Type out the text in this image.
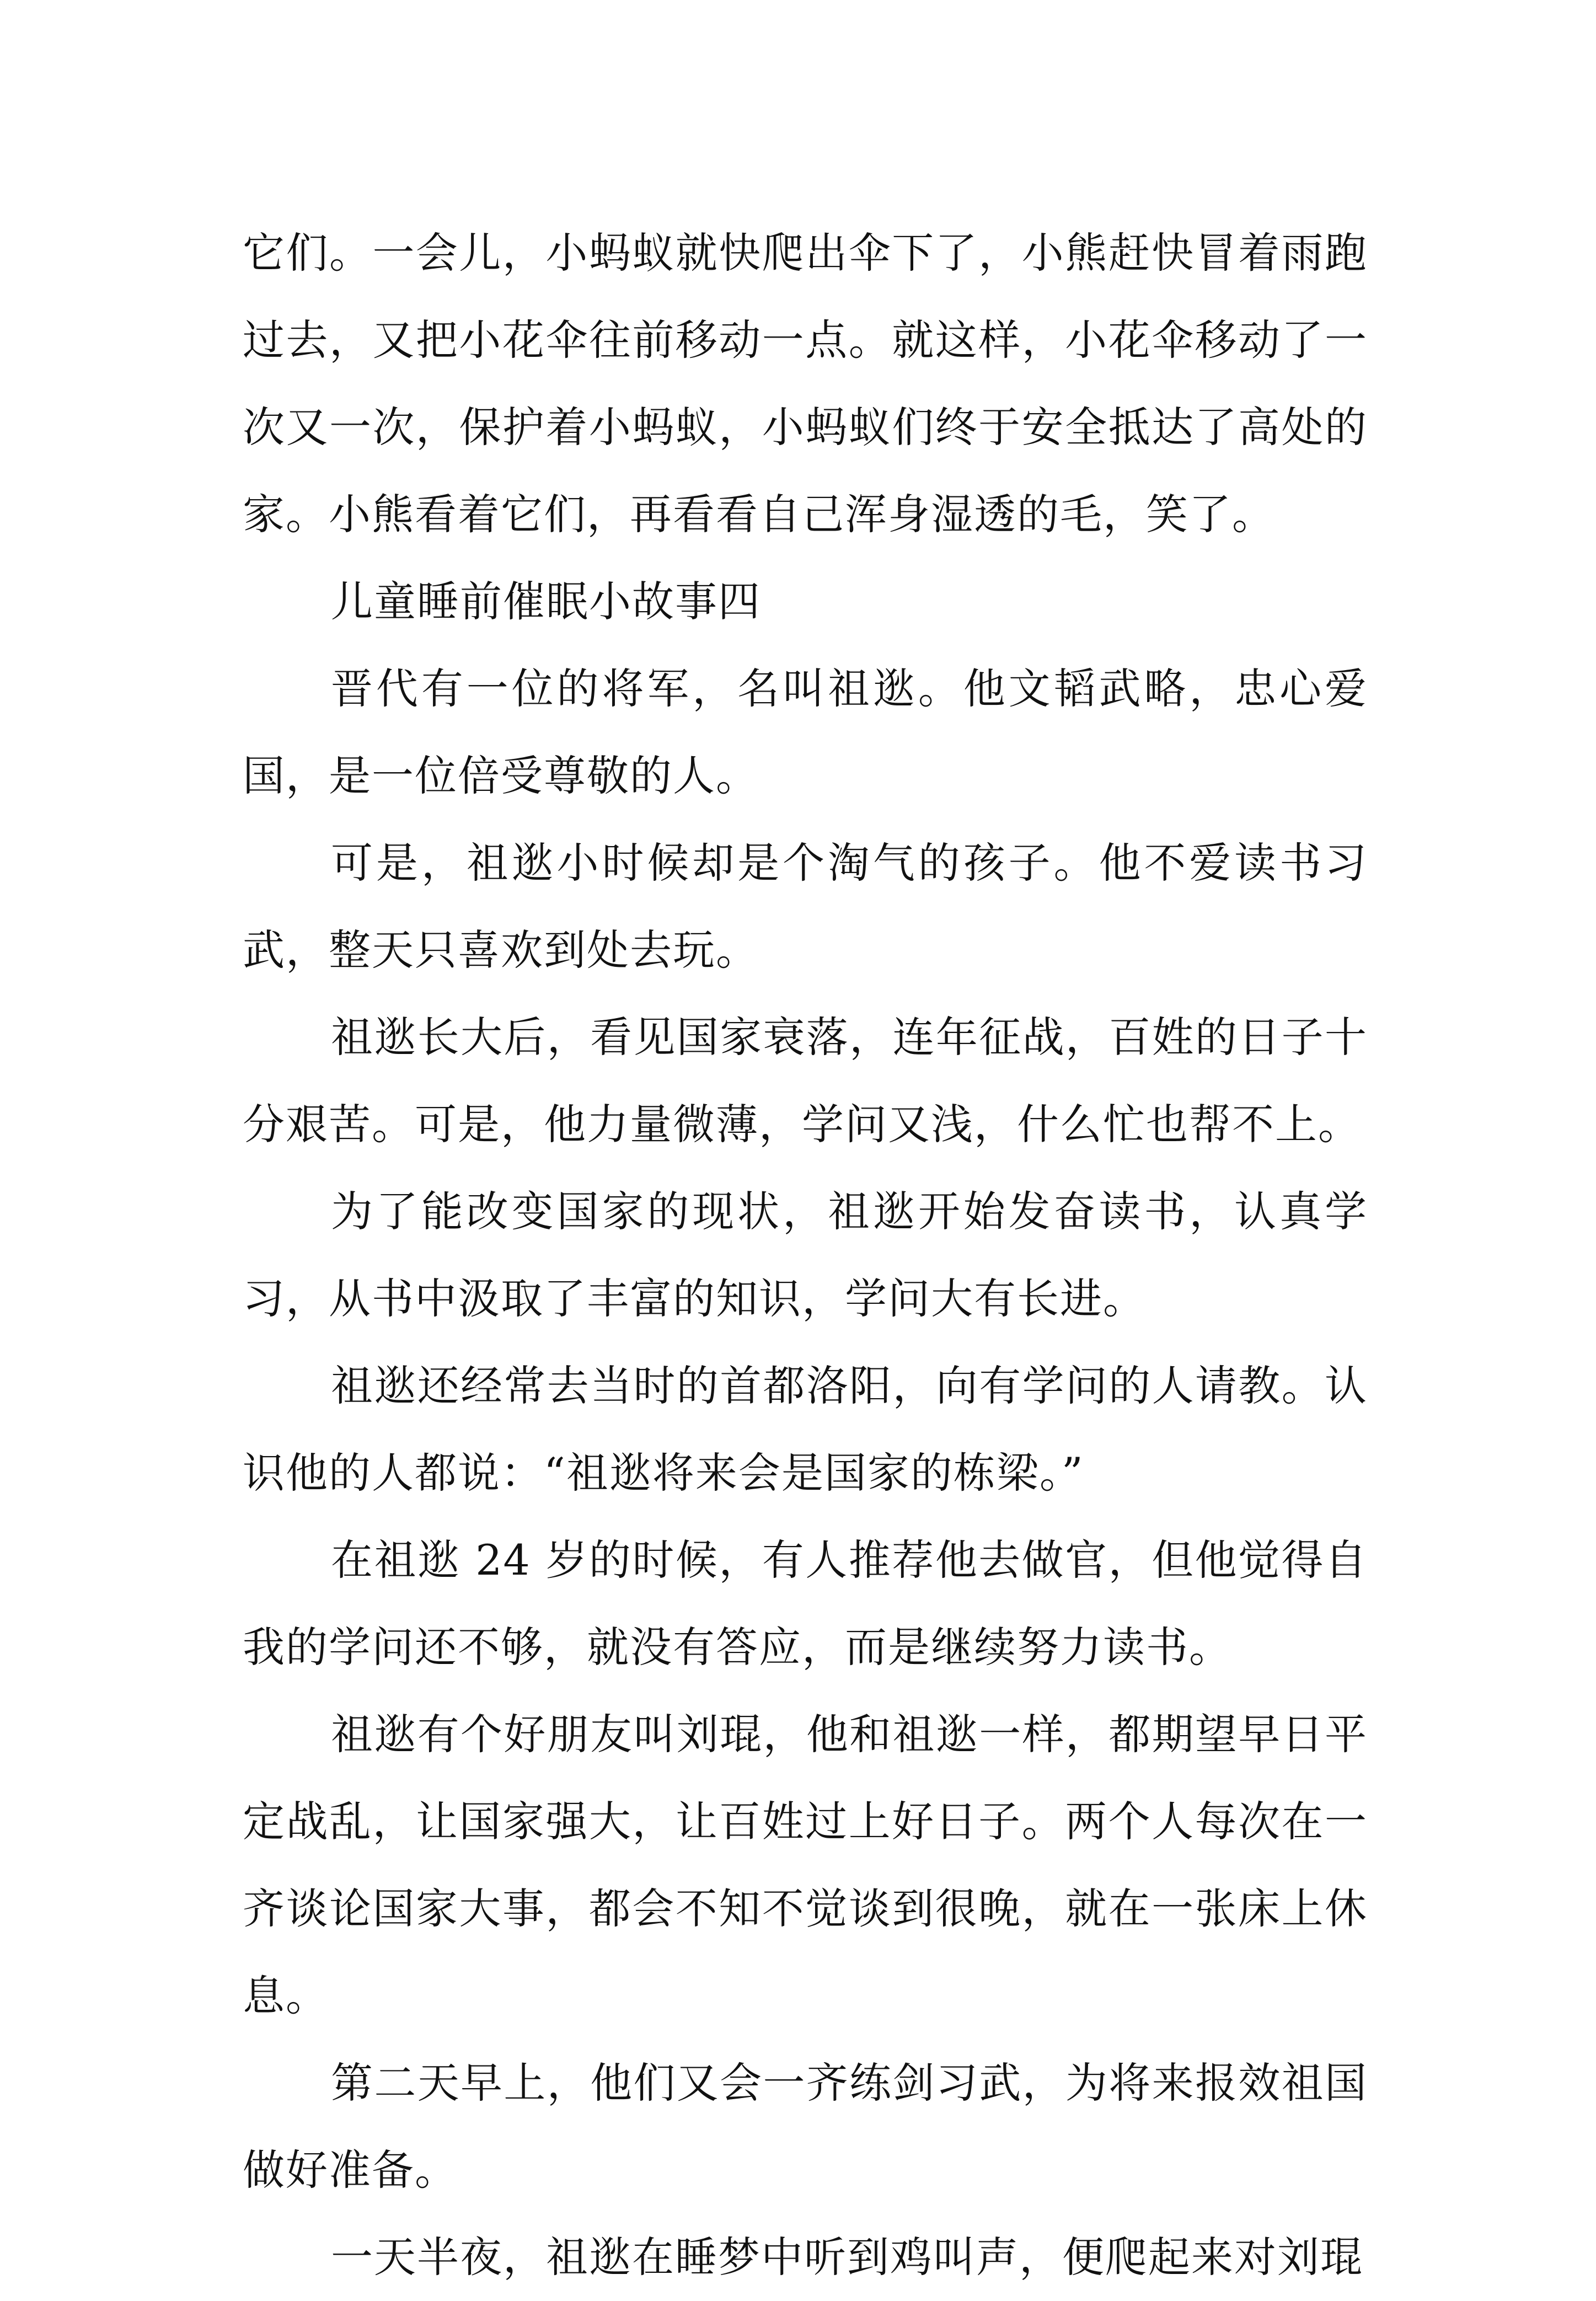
它们。一会儿，小蚂蚁就快爬出伞下了，小熊赶快冒着雨跑过去，又把小花伞往前移动一点。就这样，小花伞移动了一次又一次，保护着小蚂蚁，小蚂蚁们终于安全抵达了高处的家。小熊看着它们，再看看自己浑身湿透的毛，笑了。

儿童睡前催眠小故事四

晋代有一位的将军，名叫祖逖。他文韬武略，忠心爱国，是一位倍受尊敬的人。

可是，祖逖小时候却是个淘气的孩子。他不爱读书习武，整天只喜欢到处去玩。

祖逖长大后，看见国家衰落，连年征战，百姓的日子十分艰苦。可是，他力量微薄，学问又浅，什么忙也帮不上。

为了能改变国家的现状，祖逖开始发奋读书，认真学习，从书中汲取了丰富的知识，学问大有长进。

祖逖还经常去当时的首都洛阳，向有学问的人请教。认识他的人都说：“祖逖将来会是国家的栋梁。”

在祖逖 24 岁的时候，有人推荐他去做官，但他觉得自我的学问还不够，就没有答应，而是继续努力读书。

祖逖有个好朋友叫刘琨，他和祖逖一样，都期望早日平定战乱，让国家强大，让百姓过上好日子。两个人每次在一齐谈论国家大事，都会不知不觉谈到很晚，就在一张床上休息。

第二天早上，他们又会一齐练剑习武，为将来报效祖国做好准备。

一天半夜，祖逖在睡梦中听到鸡叫声，便爬起来对刘琨
